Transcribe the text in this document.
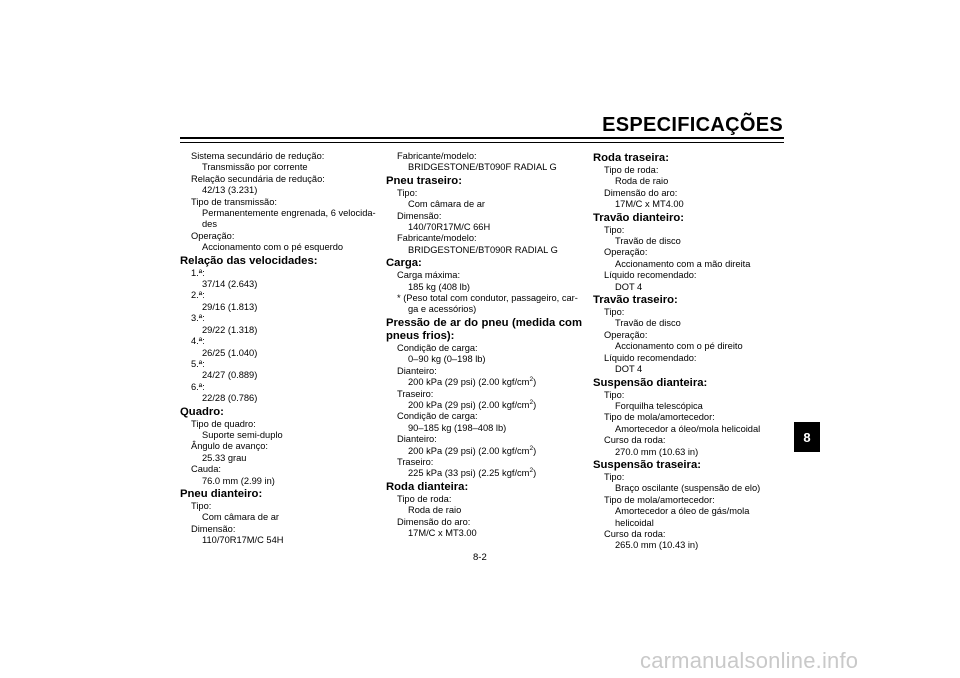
ESPECIFICAÇÕES
Sistema secundário de redução:
Transmissão por corrente
Relação secundária de redução:
42/13 (3.231)
Tipo de transmissão:
Permanentemente engrenada, 6 velocida-
des
Operação:
Accionamento com o pé esquerdo
Relação das velocidades:
1.ª:
37/14 (2.643)
2.ª:
29/16 (1.813)
3.ª:
29/22 (1.318)
4.ª:
26/25 (1.040)
5.ª:
24/27 (0.889)
6.ª:
22/28 (0.786)
Quadro:
Tipo de quadro:
Suporte semi-duplo
Ângulo de avanço:
25.33 grau
Cauda:
76.0 mm (2.99 in)
Pneu dianteiro:
Tipo:
Com câmara de ar
Dimensão:
110/70R17M/C 54H
Fabricante/modelo:
BRIDGESTONE/BT090F RADIAL G
Pneu traseiro:
Tipo:
Com câmara de ar
Dimensão:
140/70R17M/C 66H
Fabricante/modelo:
BRIDGESTONE/BT090R RADIAL G
Carga:
Carga máxima:
185 kg (408 lb)
* (Peso total com condutor, passageiro, car-
ga e acessórios)
Pressão de ar do pneu (medida com pneus frios):
Condição de carga:
0–90 kg (0–198 lb)
Dianteiro:
200 kPa (29 psi) (2.00 kgf/$cm^2$)
Traseiro:
200 kPa (29 psi) (2.00 kgf/$cm^2$)
Condição de carga:
90–185 kg (198–408 lb)
Dianteiro:
200 kPa (29 psi) (2.00 kgf/$cm^2$)
Traseiro:
225 kPa (33 psi) (2.25 kgf/$cm^2$)
Roda dianteira:
Tipo de roda:
Roda de raio
Dimensão do aro:
17M/C x MT3.00
Roda traseira:
Tipo de roda:
Roda de raio
Dimensão do aro:
17M/C x MT4.00
Travão dianteiro:
Tipo:
Travão de disco
Operação:
Accionamento com a mão direita
Líquido recomendado:
DOT 4
Travão traseiro:
Tipo:
Travão de disco
Operação:
Accionamento com o pé direito
Líquido recomendado:
DOT 4
Suspensão dianteira:
Tipo:
Forquilha telescópica
Tipo de mola/amortecedor:
Amortecedor a óleo/mola helicoidal
Curso da roda:
270.0 mm (10.63 in)
Suspensão traseira:
Tipo:
Braço oscilante (suspensão de elo)
Tipo de mola/amortecedor:
Amortecedor a óleo de gás/mola helicoidal
Curso da roda:
265.0 mm (10.43 in)
8-2
8
carmanualsonline.info
